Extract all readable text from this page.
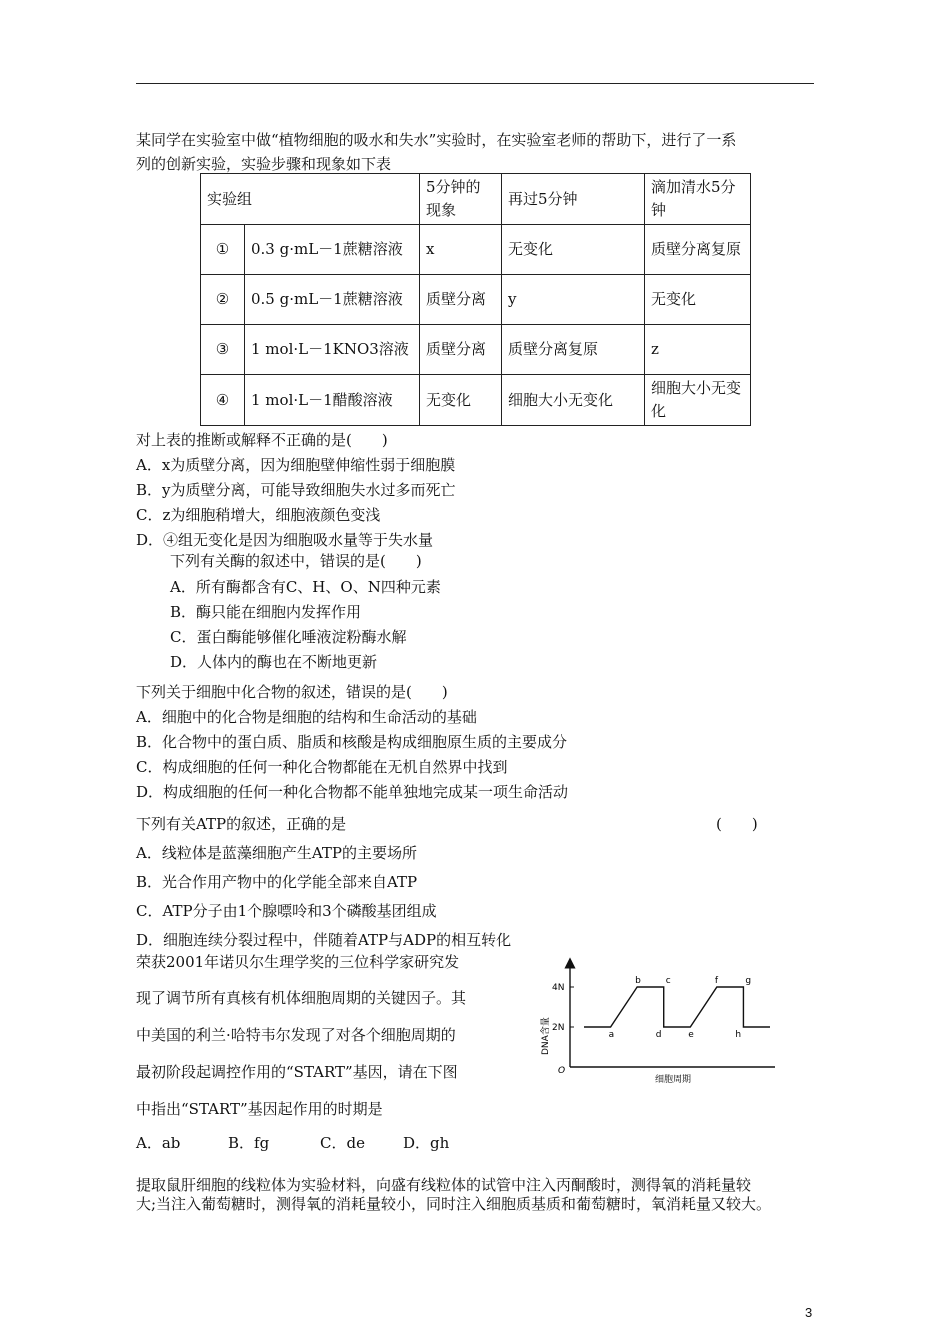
某同学在实验室中做“植物细胞的吸水和失水”实验时，在实验室老师的帮助下，进行了一系
列的创新实验，实验步骤和现象如下表
实验组		5分钟的现象	再过5分钟	滴加清水5分钟
①	0.3 g·mL－1蔗糖溶液	x	无变化	质壁分离复原
②	0.5 g·mL－1蔗糖溶液	质壁分离	y	无变化
③	1 mol·L－1KNO3溶液	质壁分离	质壁分离复原	z
④	1 mol·L－1醋酸溶液	无变化	细胞大小无变化	细胞大小无变化
对上表的推断或解释不正确的是(　　)
A．x为质壁分离，因为细胞壁伸缩性弱于细胞膜
B．y为质壁分离，可能导致细胞失水过多而死亡
C．z为细胞稍增大，细胞液颜色变浅
D．④组无变化是因为细胞吸水量等于失水量
下列有关酶的叙述中，错误的是(　　)
A．所有酶都含有C、H、O、N四种元素
B．酶只能在细胞内发挥作用
C．蛋白酶能够催化唾液淀粉酶水解
D．人体内的酶也在不断地更新
下列关于细胞中化合物的叙述，错误的是(　　)
A．细胞中的化合物是细胞的结构和生命活动的基础
B．化合物中的蛋白质、脂质和核酸是构成细胞原生质的主要成分
C．构成细胞的任何一种化合物都能在无机自然界中找到
D．构成细胞的任何一种化合物都不能单独地完成某一项生命活动
下列有关ATP的叙述，正确的是	(　　)
A．线粒体是蓝藻细胞产生ATP的主要场所
B．光合作用产物中的化学能全部来自ATP
C．ATP分子由1个腺嘌呤和3个磷酸基团组成
D．细胞连续分裂过程中，伴随着ATP与ADP的相互转化
荣获2001年诺贝尔生理学奖的三位科学家研究发
现了调节所有真核有机体细胞周期的关键因子。其
中美国的利兰·哈特韦尔发现了对各个细胞周期的
最初阶段起调控作用的“START”基因，请在下图
中指出“START”基因起作用的时期是
A．ab	B．fg	C．de	D．gh
DNA含量
细胞周期
O
2N
4N
a
b	c
d	e
f	g
h
提取鼠肝细胞的线粒体为实验材料，向盛有线粒体的试管中注入丙酮酸时，测得氧的消耗量较
大;当注入葡萄糖时，测得氧的消耗量较小，同时注入细胞质基质和葡萄糖时，氧消耗量又较大。
3
